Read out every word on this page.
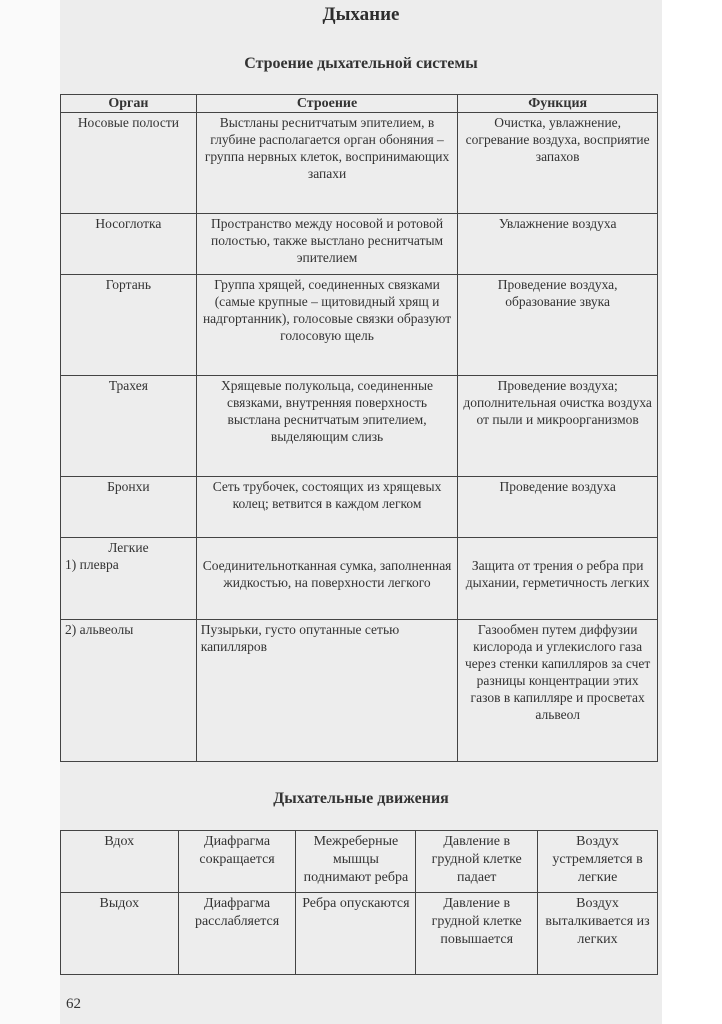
Дыхание
Строение дыхательной системы
Орган	Строение	Функция
Носовые полости	Выстланы реснитчатым эпителием, в глубине располагается орган обоняния – группа нервных клеток, воспринимающих запахи	Очистка, увлажнение, согревание воздуха, восприятие запахов
Носоглотка	Пространство между носовой и ротовой полостью, также выстлано реснитчатым эпителием	Увлажнение воздуха
Гортань	Группа хрящей, соединенных связками (самые крупные – щитовидный хрящ и надгортанник), голосовые связки образуют голосовую щель	Проведение воздуха, образование звука
Трахея	Хрящевые полукольца, соединенные связками, внутренняя поверхность выстлана реснитчатым эпителием, выделяющим слизь	Проведение воздуха; дополнительная очистка воздуха от пыли и микроорганизмов
Бронхи	Сеть трубочек, состоящих из хрящевых колец; ветвится в каждом легком	Проведение воздуха

Легкие
1) плевра	Соединительнотканная сумка, заполненная жидкостью, на поверхности легкого	Защита от трения о ребра при дыхании, герметичность легких
2) альвеолы	Пузырьки, густо опутанные сетью капилляров	Газообмен путем диффузии кислорода и углекислого газа через стенки капилляров за счет разницы концентрации этих газов в капилляре и просветах альвеол
Дыхательные движения
Вдох	Диафрагма сокращается	Межреберные мышцы поднимают ребра	Давление в грудной клетке падает	Воздух устремляется в легкие
Выдох	Диафрагма расслабляется	Ребра опускаются	Давление в грудной клетке повышается	Воздух выталкивается из легких
62
